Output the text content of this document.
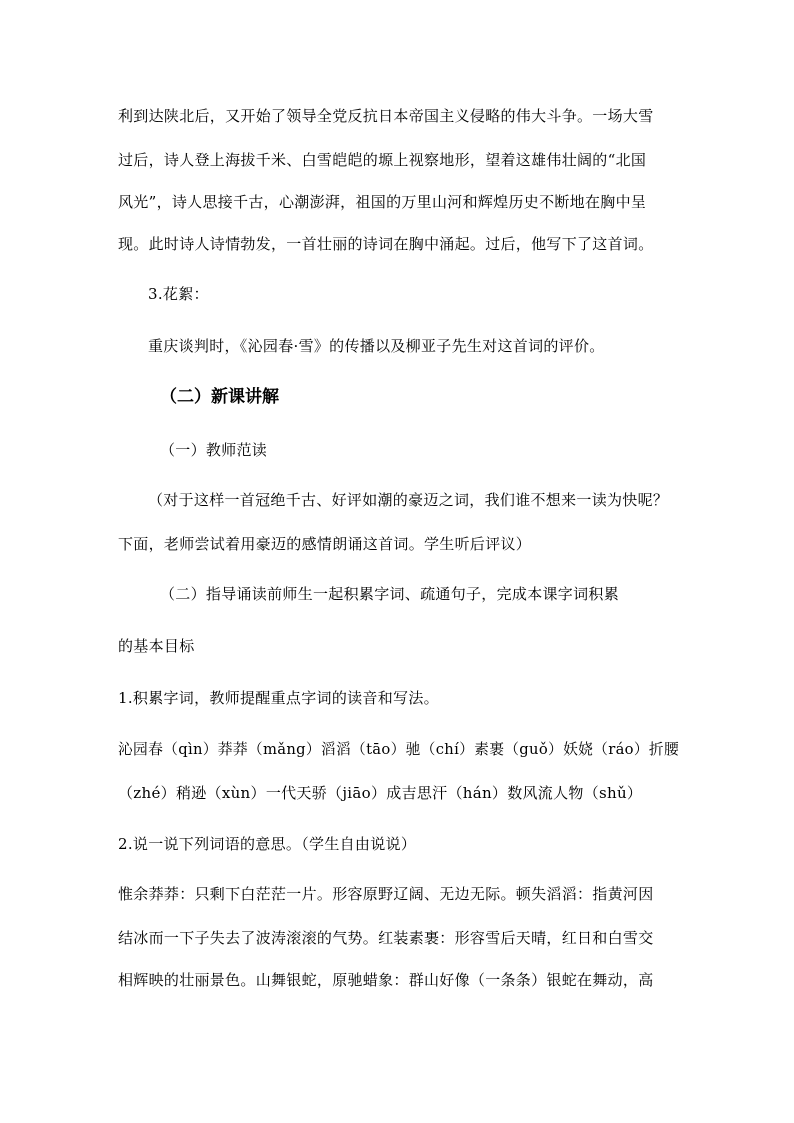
利到达陕北后，又开始了领导全党反抗日本帝国主义侵略的伟大斗争。一场大雪
过后，诗人登上海拔千米、白雪皑皑的塬上视察地形，望着这雄伟壮阔的“北国
风光”，诗人思接千古，心潮澎湃，祖国的万里山河和辉煌历史不断地在胸中呈
现。此时诗人诗情勃发，一首壮丽的诗词在胸中涌起。过后，他写下了这首词。
3.花絮：
重庆谈判时，《沁园春·雪》的传播以及柳亚子先生对这首词的评价。
（二）新课讲解
（一）教师范读
（对于这样一首冠绝千古、好评如潮的豪迈之词，我们谁不想来一读为快呢？
下面，老师尝试着用豪迈的感情朗诵这首词。学生听后评议）
（二）指导诵读前师生一起积累字词、疏通句子，完成本课字词积累
的基本目标
1.积累字词，教师提醒重点字词的读音和写法。
沁园春（qìn）莽莽（mǎng）滔滔（tāo）驰（chí）素裹（guǒ）妖娆（ráo）折腰
（zhé）稍逊（xùn）一代天骄（jiāo）成吉思汗（hán）数风流人物（shǔ）
2.说一说下列词语的意思。（学生自由说说）
惟余莽莽：只剩下白茫茫一片。形容原野辽阔、无边无际。顿失滔滔：指黄河因
结冰而一下子失去了波涛滚滚的气势。红装素裹：形容雪后天晴，红日和白雪交
相辉映的壮丽景色。山舞银蛇，原驰蜡象：群山好像（一条条）银蛇在舞动，高
